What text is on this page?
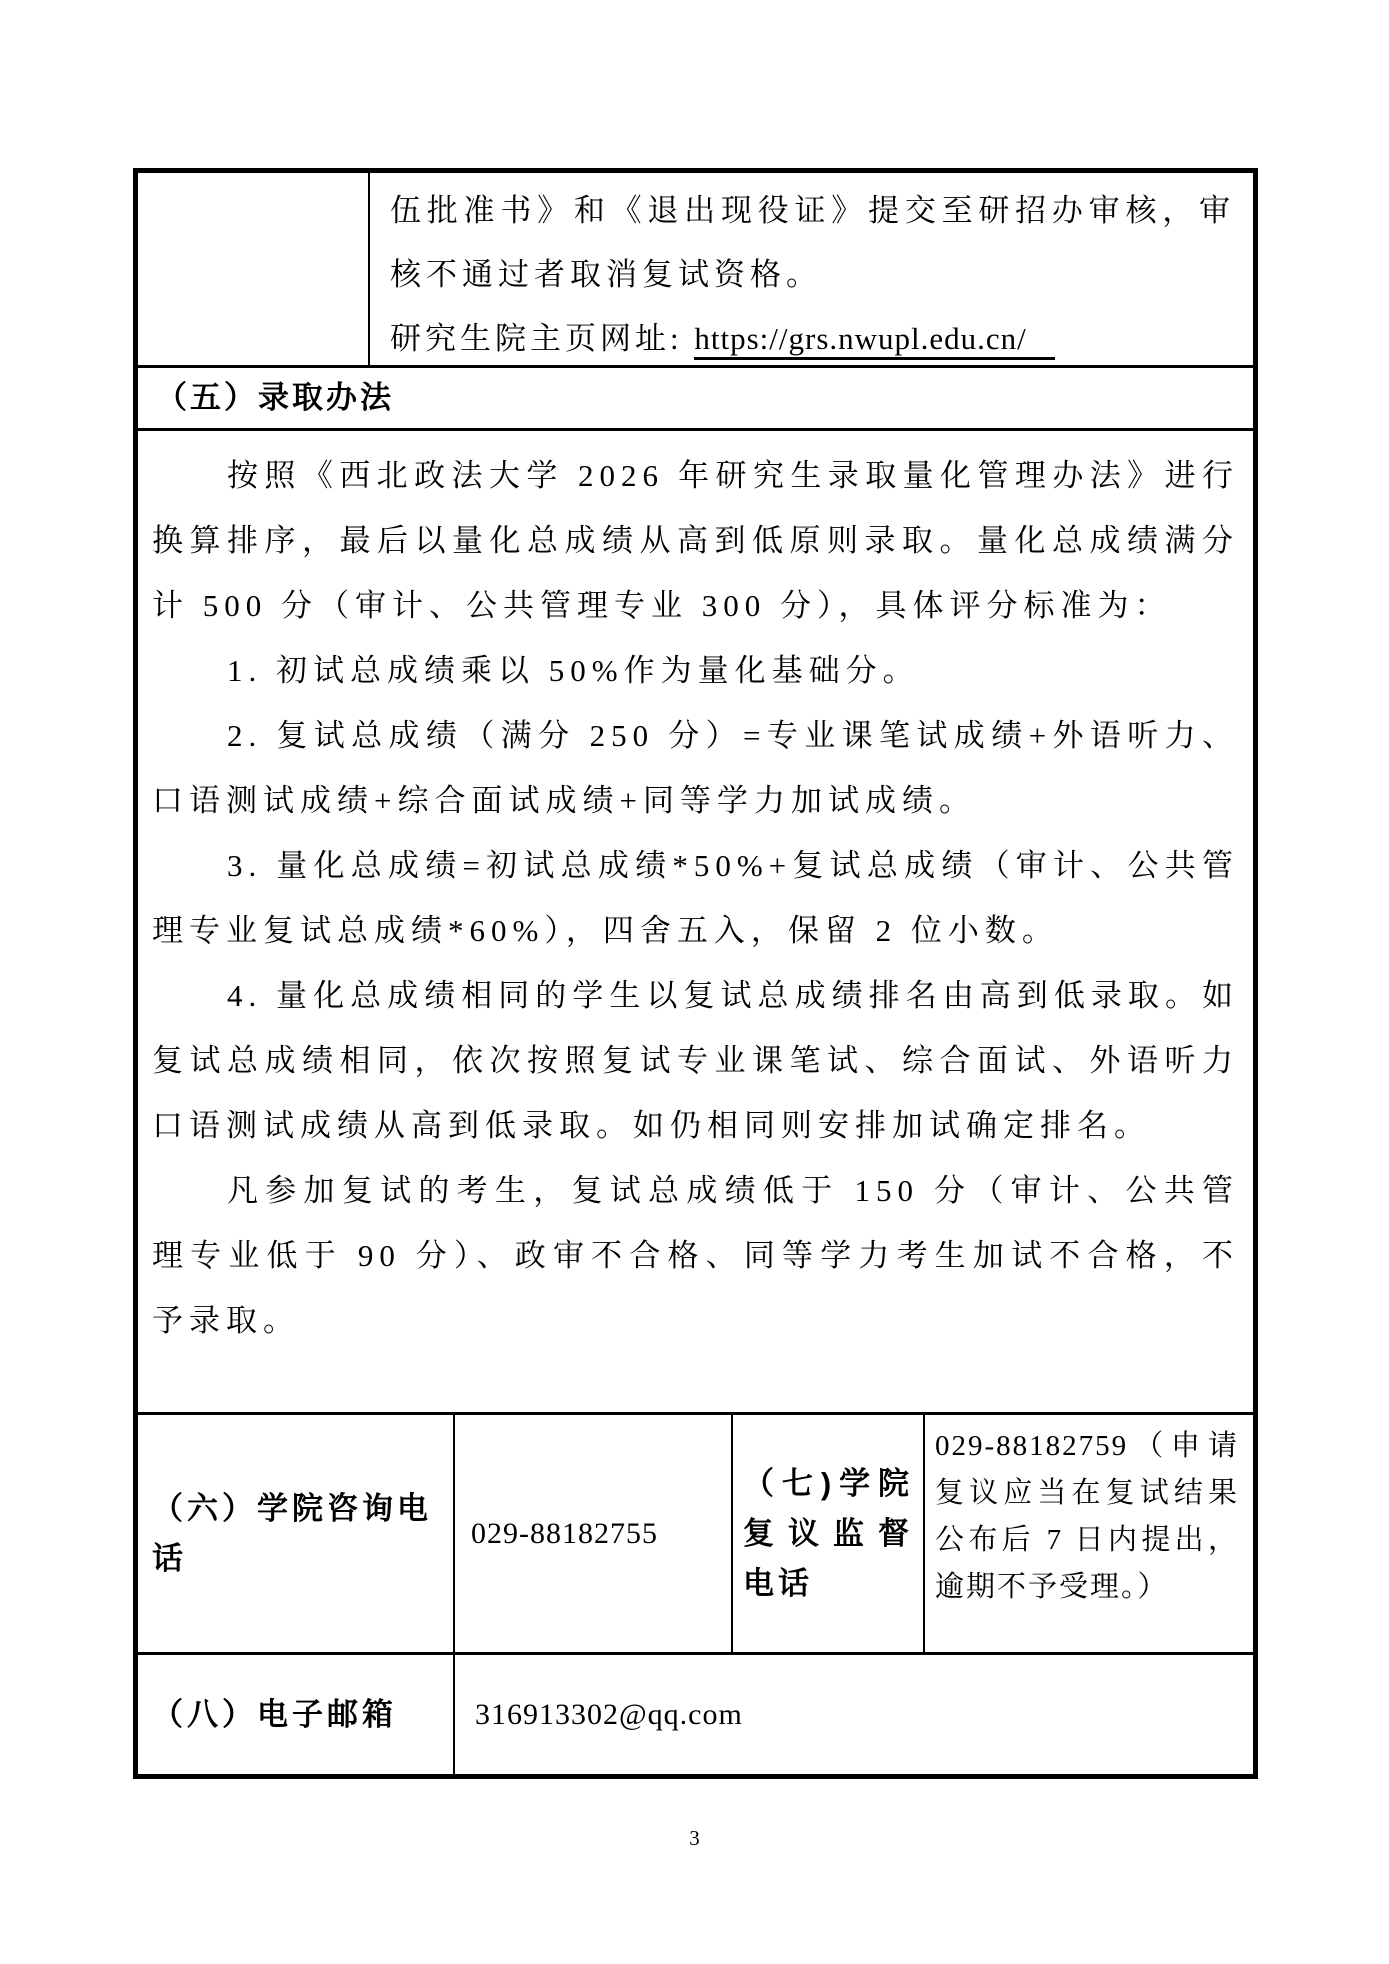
伍批准书》和《退出现役证》提交至研招办审核，审核不通过者取消复试资格。

研究生院主页网址: https://grs.nwupl.edu.cn/
（五）录取办法

按照《西北政法大学 2026 年研究生录取量化管理办法》进行换算排序，最后以量化总成绩从高到低原则录取。量化总成绩满分计 500 分（审计、公共管理专业 300 分），具体评分标准为：

1. 初试总成绩乘以 50%作为量化基础分。

2. 复试总成绩（满分 250 分）=专业课笔试成绩+外语听力、口语测试成绩+综合面试成绩+同等学力加试成绩。

3. 量化总成绩=初试总成绩*50%+复试总成绩（审计、公共管理专业复试总成绩*60%），四舍五入，保留 2 位小数。

4. 量化总成绩相同的学生以复试总成绩排名由高到低录取。如复试总成绩相同，依次按照复试专业课笔试、综合面试、外语听力口语测试成绩从高到低录取。如仍相同则安排加试确定排名。

凡参加复试的考生，复试总成绩低于 150 分（审计、公共管理专业低于 90 分）、政审不合格、同等学力考生加试不合格，不予录取。

（六）学院咨询电话
029-88182755
（七)学院复议监督电话
029-88182759（申请复议应当在复试结果公布后 7 日内提出，逾期不予受理。）
（八）电子邮箱	316913302@qq.com
3
